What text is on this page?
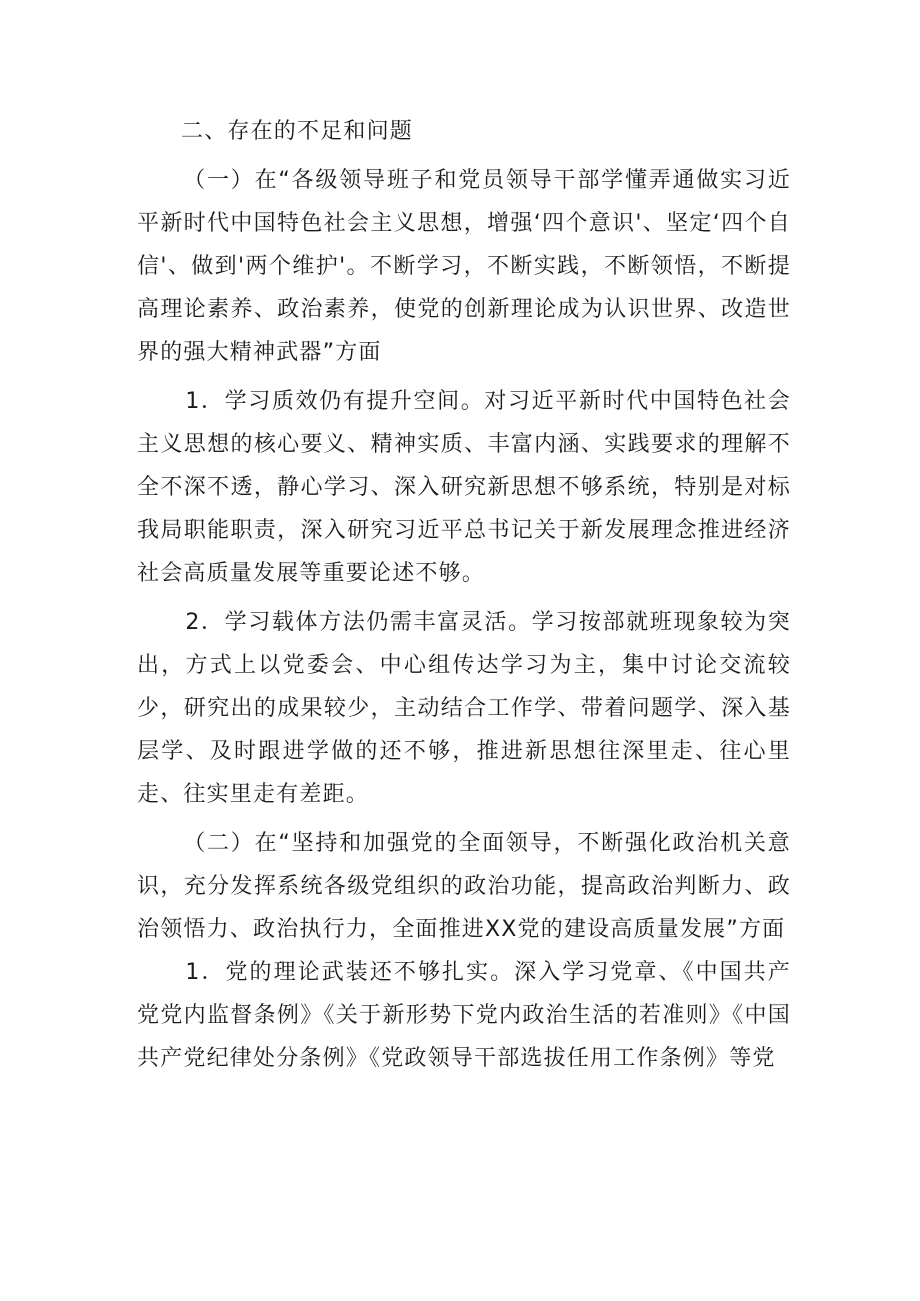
二、存在的不足和问题

（一）在“各级领导班子和党员领导干部学懂弄通做实习近平新时代中国特色社会主义思想，增强‘四个意识'、坚定‘四个自信'、做到'两个维护'。不断学习，不断实践，不断领悟，不断提高理论素养、政治素养，使党的创新理论成为认识世界、改造世界的强大精神武器”方面

1．学习质效仍有提升空间。对习近平新时代中国特色社会主义思想的核心要义、精神实质、丰富内涵、实践要求的理解不全不深不透，静心学习、深入研究新思想不够系统，特别是对标我局职能职责，深入研究习近平总书记关于新发展理念推进经济社会高质量发展等重要论述不够。

2．学习载体方法仍需丰富灵活。学习按部就班现象较为突出，方式上以党委会、中心组传达学习为主，集中讨论交流较少，研究出的成果较少，主动结合工作学、带着问题学、深入基层学、及时跟进学做的还不够，推进新思想往深里走、往心里走、往实里走有差距。

（二）在“坚持和加强党的全面领导，不断强化政治机关意识，充分发挥系统各级党组织的政治功能，提高政治判断力、政治领悟力、政治执行力，全面推进XX党的建设高质量发展”方面

1．党的理论武装还不够扎实。深入学习党章、《中国共产党党内监督条例》《关于新形势下党内政治生活的若准则》《中国共产党纪律处分条例》《党政领导干部选拔任用工作条例》等党
